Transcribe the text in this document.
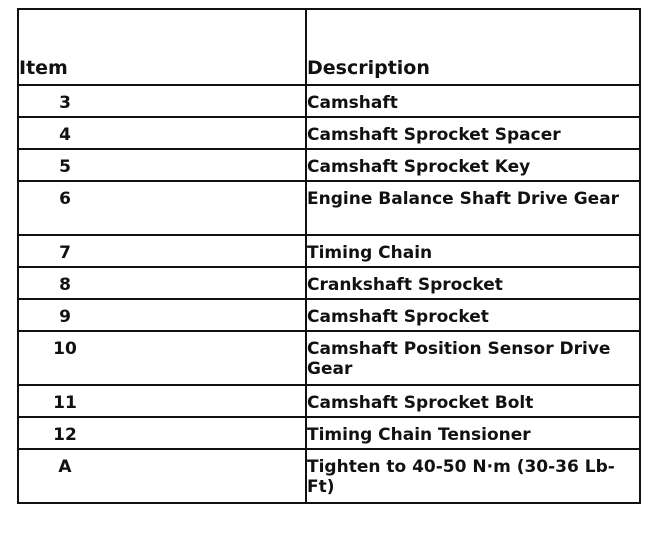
Item	Description
3	Camshaft
4	Camshaft Sprocket Spacer
5	Camshaft Sprocket Key
6	Engine Balance Shaft Drive Gear
7	Timing Chain
8	Crankshaft Sprocket
9	Camshaft Sprocket
10	Camshaft Position Sensor Drive Gear
11	Camshaft Sprocket Bolt
12	Timing Chain Tensioner
A	Tighten to 40-50 N·m (30-36 Lb-Ft)
